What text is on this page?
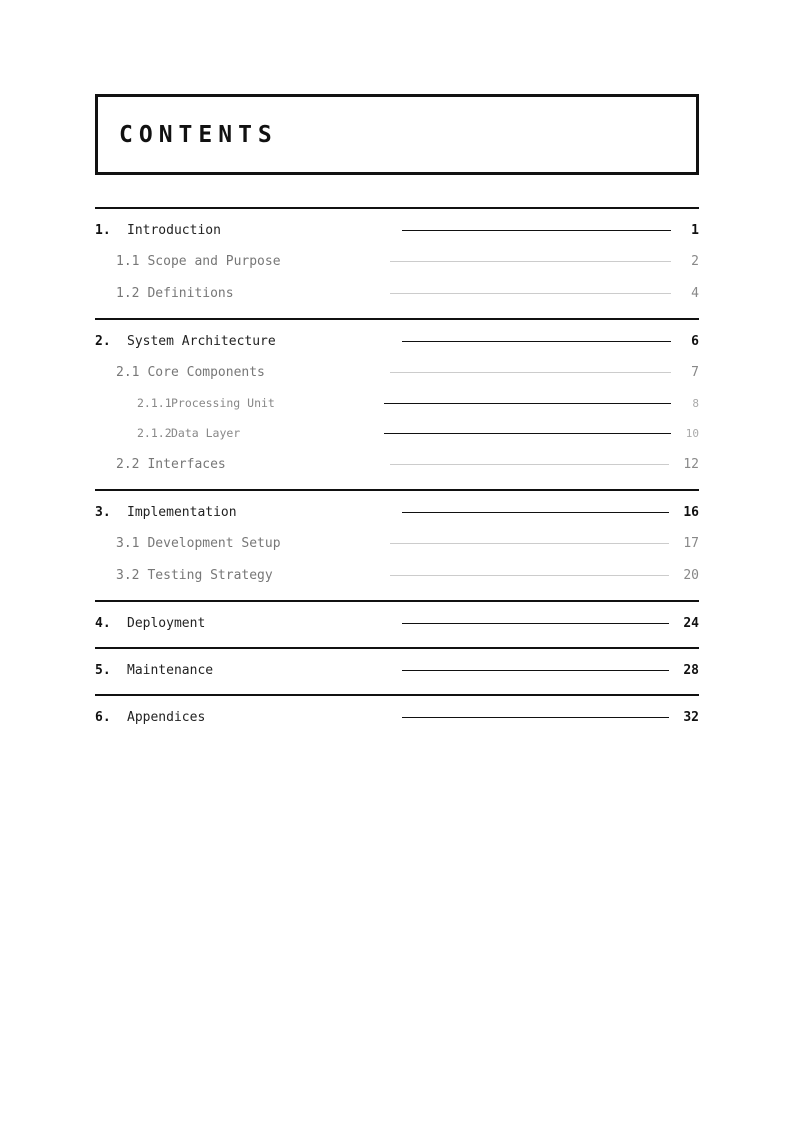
CONTENTS
1.	Introduction	1
1.1 Scope and Purpose	2
1.2 Definitions	4
2.	System Architecture	6
2.1 Core Components	7
2.1.1 Processing Unit	8
2.1.2 Data Layer	10
2.2 Interfaces	12
3.	Implementation	16
3.1 Development Setup	17
3.2 Testing Strategy	20
4.	Deployment	24
5.	Maintenance	28
6.	Appendices	32
